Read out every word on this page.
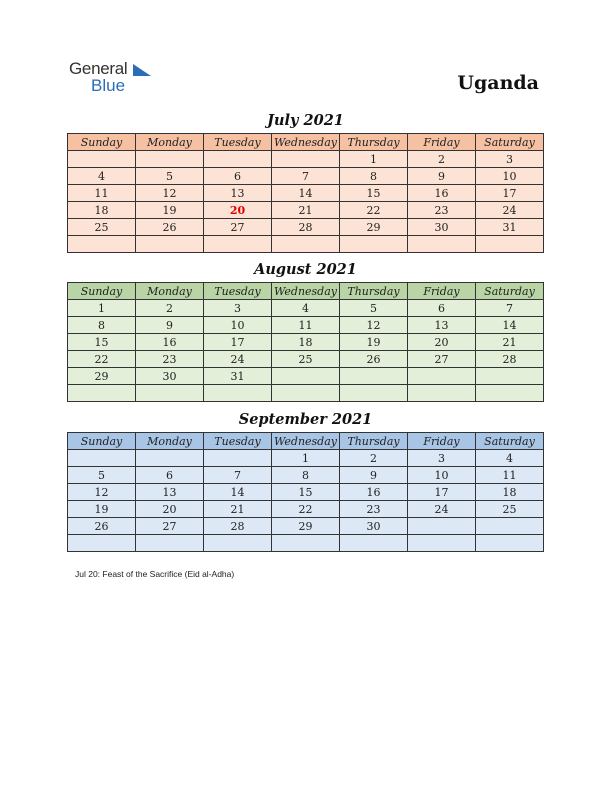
General
Blue	Uganda
July 2021
Sunday	Monday	Tuesday	Wednesday	Thursday	Friday	Saturday
				1	2	3
4	5	6	7	8	9	10
11	12	13	14	15	16	17
18	19	20	21	22	23	24
25	26	27	28	29	30	31

August 2021
Sunday	Monday	Tuesday	Wednesday	Thursday	Friday	Saturday
1	2	3	4	5	6	7
8	9	10	11	12	13	14
15	16	17	18	19	20	21
22	23	24	25	26	27	28
29	30	31				

September 2021
Sunday	Monday	Tuesday	Wednesday	Thursday	Friday	Saturday
			1	2	3	4
5	6	7	8	9	10	11
12	13	14	15	16	17	18
19	20	21	22	23	24	25
26	27	28	29	30		

Jul 20: Feast of the Sacrifice (Eid al-Adha)
